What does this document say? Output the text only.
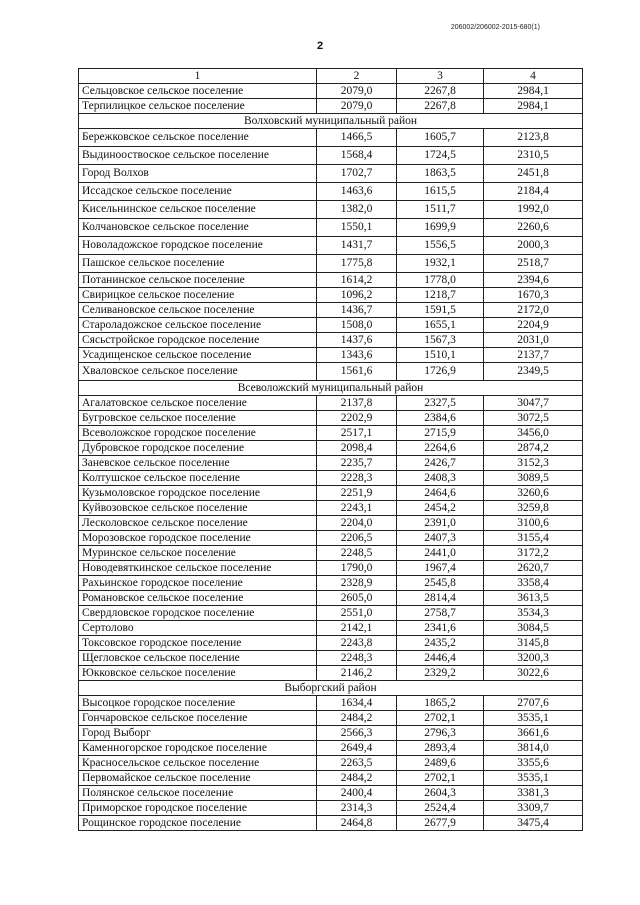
206002/206002-2015-680(1)
2
1	2	3	4
Сельцовское сельское поселение	2079,0	2267,8	2984,1
Терпилицкое сельское поселение	2079,0	2267,8	2984,1
Волховский муниципальный район			
Бережковское сельское поселение	1466,5	1605,7	2123,8
Выдинооствоское сельское поселение	1568,4	1724,5	2310,5
Город Волхов	1702,7	1863,5	2451,8
Иссадское сельское поселение	1463,6	1615,5	2184,4
Кисельнинское сельское поселение	1382,0	1511,7	1992,0
Колчановское сельское поселение	1550,1	1699,9	2260,6
Новоладожское городское поселение	1431,7	1556,5	2000,3
Пашское сельское поселение	1775,8	1932,1	2518,7
Потанинское сельское поселение	1614,2	1778,0	2394,6
Свирицкое сельское поселение	1096,2	1218,7	1670,3
Селивановское сельское поселение	1436,7	1591,5	2172,0
Староладожское сельское поселение	1508,0	1655,1	2204,9
Сясьстройское городское поселение	1437,6	1567,3	2031,0
Усадищенское сельское поселение	1343,6	1510,1	2137,7
Хваловское сельское поселение	1561,6	1726,9	2349,5
Всеволожский муниципальный район			
Агалатовское сельское поселение	2137,8	2327,5	3047,7
Бугровское сельское поселение	2202,9	2384,6	3072,5
Всеволожское городское поселение	2517,1	2715,9	3456,0
Дубровское городское поселение	2098,4	2264,6	2874,2
Заневское сельское поселение	2235,7	2426,7	3152,3
Колтушское сельское поселение	2228,3	2408,3	3089,5
Кузьмоловское городское поселение	2251,9	2464,6	3260,6
Куйвозовское сельское поселение	2243,1	2454,2	3259,8
Лесколовское сельское поселение	2204,0	2391,0	3100,6
Морозовское городское поселение	2206,5	2407,3	3155,4
Муринское сельское поселение	2248,5	2441,0	3172,2
Новодевяткинское сельское поселение	1790,0	1967,4	2620,7
Рахьинское городское поселение	2328,9	2545,8	3358,4
Романовское сельское поселение	2605,0	2814,4	3613,5
Свердловское городское поселение	2551,0	2758,7	3534,3
Сертолово	2142,1	2341,6	3084,5
Токсовское городское поселение	2243,8	2435,2	3145,8
Щегловское сельское поселение	2248,3	2446,4	3200,3
Юкковское сельское поселение	2146,2	2329,2	3022,6
Выборгский район			
Высоцкое городское поселение	1634,4	1865,2	2707,6
Гончаровское сельское поселение	2484,2	2702,1	3535,1
Город Выборг	2566,3	2796,3	3661,6
Каменногорское городское поселение	2649,4	2893,4	3814,0
Красносельское сельское поселение	2263,5	2489,6	3355,6
Первомайское сельское поселение	2484,2	2702,1	3535,1
Полянское сельское поселение	2400,4	2604,3	3381,3
Приморское городское поселение	2314,3	2524,4	3309,7
Рощинское городское поселение	2464,8	2677,9	3475,4
